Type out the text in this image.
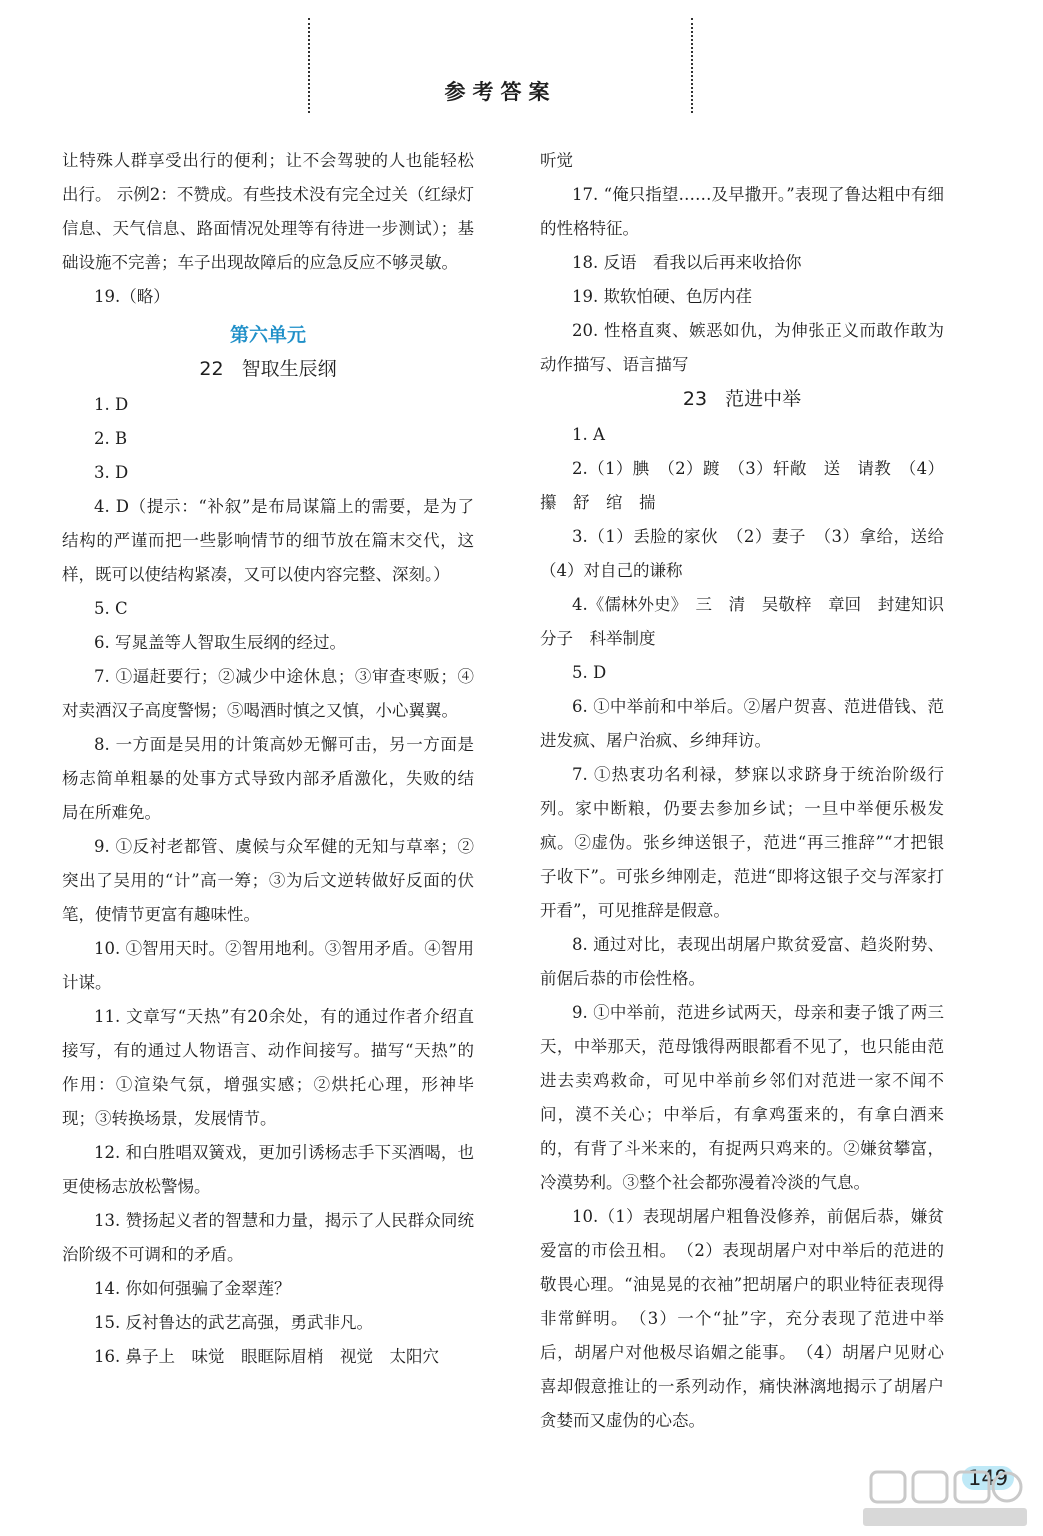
参考答案
让特殊人群享受出行的便利；让不会驾驶的人也能轻松出行。 示例2：不赞成。有些技术没有完全过关（红绿灯信息、天气信息、路面情况处理等有待进一步测试）；基础设施不完善；车子出现故障后的应急反应不够灵敏。
19.（略）
第六单元
22 智取生辰纲
1. D
2. B
3. D
4. D（提示：“补叙”是布局谋篇上的需要，是为了结构的严谨而把一些影响情节的细节放在篇末交代，这样，既可以使结构紧凑，又可以使内容完整、深刻。）
5. C
6. 写晁盖等人智取生辰纲的经过。
7. ①逼赶要行；②减少中途休息；③审查枣贩；④对卖酒汉子高度警惕；⑤喝酒时慎之又慎，小心翼翼。
8. 一方面是吴用的计策高妙无懈可击，另一方面是杨志简单粗暴的处事方式导致内部矛盾激化，失败的结局在所难免。
9. ①反衬老都管、虞候与众军健的无知与草率；②突出了吴用的“计”高一筹；③为后文逆转做好反面的伏笔，使情节更富有趣味性。
10. ①智用天时。②智用地利。③智用矛盾。④智用计谋。
11. 文章写“天热”有20余处，有的通过作者介绍直接写，有的通过人物语言、动作间接写。描写“天热”的作用：①渲染气氛，增强实感；②烘托心理，形神毕现；③转换场景，发展情节。
12. 和白胜唱双簧戏，更加引诱杨志手下买酒喝，也更使杨志放松警惕。
13. 赞扬起义者的智慧和力量，揭示了人民群众同统治阶级不可调和的矛盾。
14. 你如何强骗了金翠莲？
15. 反衬鲁达的武艺高强，勇武非凡。
16. 鼻子上　味觉　眼眶际眉梢　视觉　太阳穴
听觉
17. “俺只指望……及早撒开。”表现了鲁达粗中有细的性格特征。
18. 反语　看我以后再来收拾你
19. 欺软怕硬、色厉内荏
20. 性格直爽、嫉恶如仇，为伸张正义而敢作敢为　动作描写、语言描写
23 范进中举
1. A
2.（1）腆　（2）踱　（3）轩敞　送　请教　（4）攥　舒　绾　揣
3.（1）丢脸的家伙　（2）妻子　（3）拿给，送给　（4）对自己的谦称
4.《儒林外史》　三　清　吴敬梓　章回　封建知识分子　科举制度
5. D
6. ①中举前和中举后。②屠户贺喜、范进借钱、范进发疯、屠户治疯、乡绅拜访。
7. ①热衷功名利禄，梦寐以求跻身于统治阶级行列。家中断粮，仍要去参加乡试；一旦中举便乐极发疯。②虚伪。张乡绅送银子，范进“再三推辞”“才把银子收下”。可张乡绅刚走，范进“即将这银子交与浑家打开看”，可见推辞是假意。
8. 通过对比，表现出胡屠户欺贫爱富、趋炎附势、前倨后恭的市侩性格。
9. ①中举前，范进乡试两天，母亲和妻子饿了两三天，中举那天，范母饿得两眼都看不见了，也只能由范进去卖鸡救命，可见中举前乡邻们对范进一家不闻不问，漠不关心；中举后，有拿鸡蛋来的，有拿白酒来的，有背了斗米来的，有捉两只鸡来的。②嫌贫攀富，冷漠势利。③整个社会都弥漫着冷淡的气息。
10.（1）表现胡屠户粗鲁没修养，前倨后恭，嫌贫爱富的市侩丑相。　（2）表现胡屠户对中举后的范进的敬畏心理。“油晃晃的衣袖”把胡屠户的职业特征表现得非常鲜明。　（3）一个“扯”字，充分表现了范进中举后，胡屠户对他极尽谄媚之能事。　（4）胡屠户见财心喜却假意推让的一系列动作，痛快淋漓地揭示了胡屠户贪婪而又虚伪的心态。
149
